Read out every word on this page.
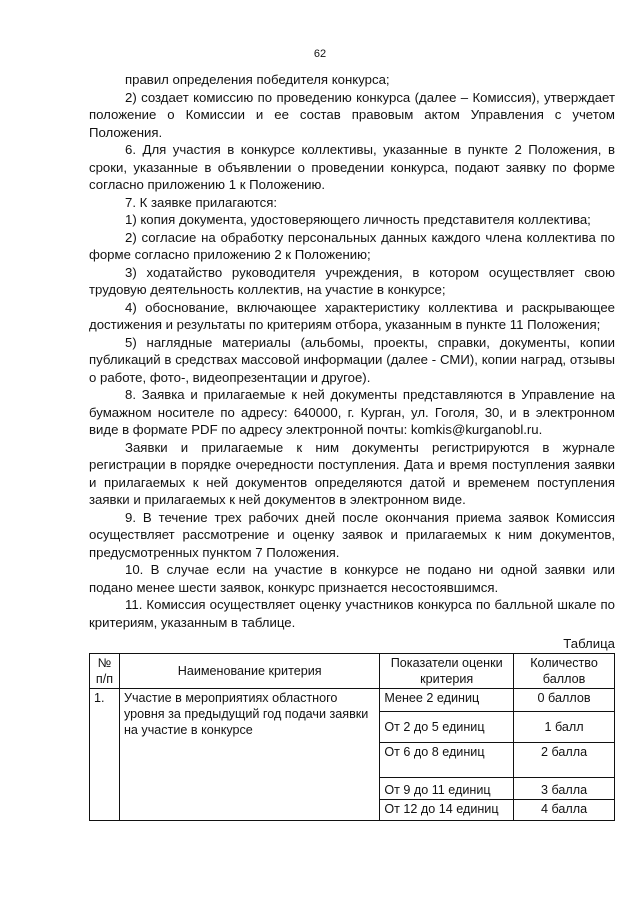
62

правил определения победителя конкурса;

2) создает комиссию по проведению конкурса (далее – Комиссия), утверждает положение о Комиссии и ее состав правовым актом Управления с учетом Положения.

6. Для участия в конкурсе коллективы, указанные в пункте 2 Положения, в сроки, указанные в объявлении о проведении конкурса, подают заявку по форме согласно приложению 1 к Положению.

7. К заявке прилагаются:

1) копия документа, удостоверяющего личность представителя коллектива;

2) согласие на обработку персональных данных каждого члена коллектива по форме согласно приложению 2 к Положению;

3) ходатайство руководителя учреждения, в котором осуществляет свою трудовую деятельность коллектив, на участие в конкурсе;

4) обоснование, включающее характеристику коллектива и раскрывающее достижения и результаты по критериям отбора, указанным в пункте 11 Положения;

5) наглядные материалы (альбомы, проекты, справки, документы, копии публикаций в средствах массовой информации (далее - СМИ), копии наград, отзывы о работе, фото-, видеопрезентации и другое).

8. Заявка и прилагаемые к ней документы представляются в Управление на бумажном носителе по адресу: 640000, г. Курган, ул. Гоголя, 30, и в электронном виде в формате PDF по адресу электронной почты: komkis@kurganobl.ru.

Заявки и прилагаемые к ним документы регистрируются в журнале регистрации в порядке очередности поступления. Дата и время поступления заявки и прилагаемых к ней документов определяются датой и временем поступления заявки и прилагаемых к ней документов в электронном виде.

9. В течение трех рабочих дней после окончания приема заявок Комиссия осуществляет рассмотрение и оценку заявок и прилагаемых к ним документов, предусмотренных пунктом 7 Положения.

10. В случае если на участие в конкурсе не подано ни одной заявки или подано менее шести заявок, конкурс признается несостоявшимся.

11. Комиссия осуществляет оценку участников конкурса по балльной шкале по критериям, указанным в таблице.

Таблица
№ п/п	Наименование критерия	Показатели оценки критерия	Количество баллов
1.	Участие в мероприятиях областного уровня за предыдущий год подачи заявки на участие в конкурсе	Менее 2 единиц	0 баллов
		От 2 до 5 единиц	1 балл
		От 6 до 8 единиц	2 балла
		От 9 до 11 единиц	3 балла
		От 12 до 14 единиц	4 балла
